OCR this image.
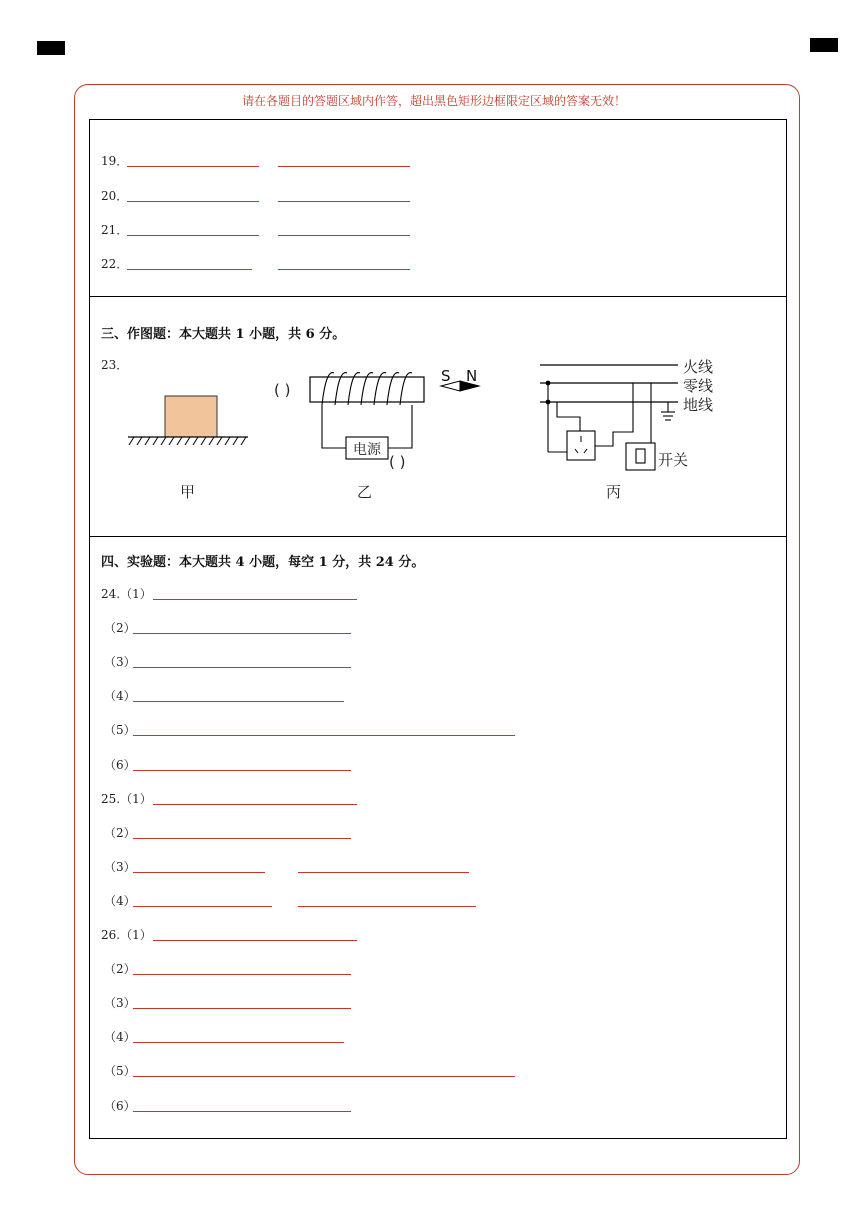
请在各题目的答题区域内作答，超出黑色矩形边框限定区域的答案无效！
19．
20．
21．
22．
三、作图题：本大题共 1 小题，共 6 分。
23．
甲
电源
( )
( )
S N
乙
火线
零线
地线
开关
丙
四、实验题：本大题共 4 小题，每空 1 分，共 24 分。
24.（1）
（2）
（3）
（4）
（5）
（6）
25.（1）
（2）
（3）
（4）
26.（1）
（2）
（3）
（4）
（5）
（6）
